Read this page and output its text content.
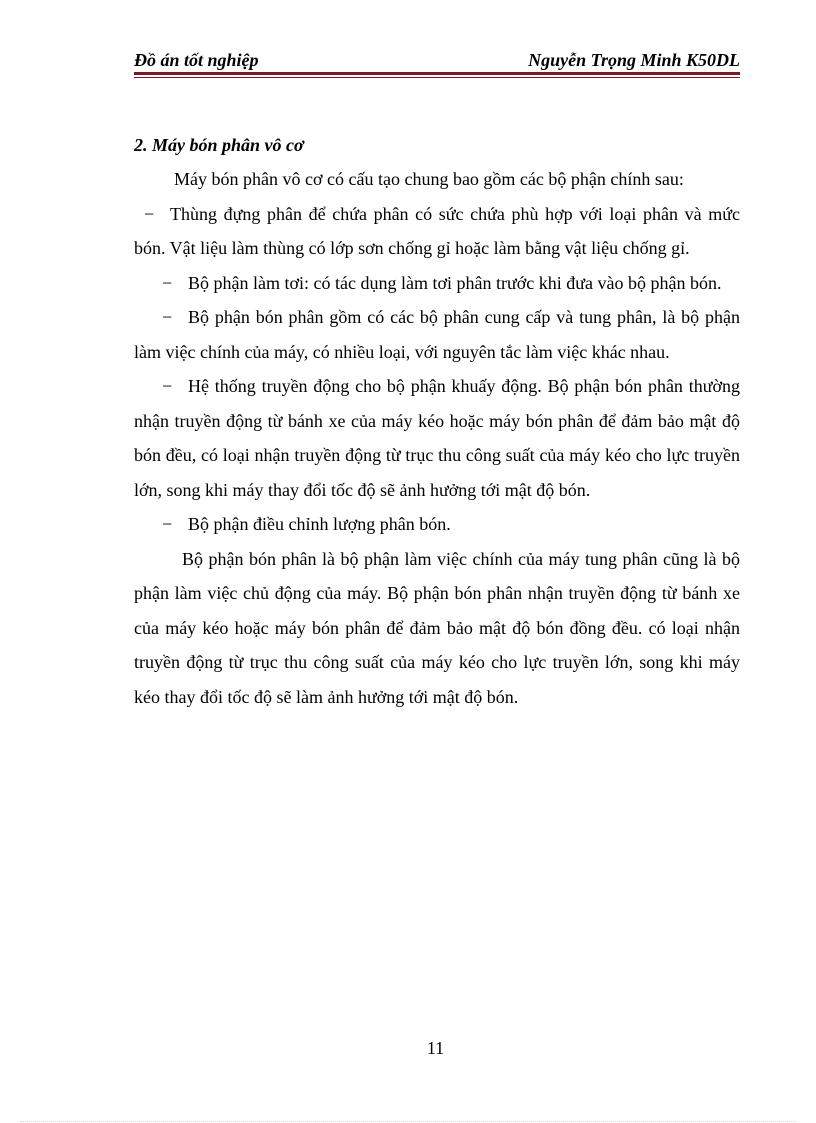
Đồ án tốt nghiệp	Nguyễn Trọng Minh K50DL

2. Máy bón phân vô cơ

Máy bón phân vô cơ có cấu tạo chung bao gồm các bộ phận chính sau:

− Thùng đựng phân để chứa phân có sức chứa phù hợp với loại phân và mức bón. Vật liệu làm thùng có lớp sơn chống gỉ hoặc làm bằng vật liệu chống gỉ.

− Bộ phận làm tơi: có tác dụng làm tơi phân trước khi đưa vào bộ phận bón.

− Bộ phận bón phân gồm có các bộ phân cung cấp và tung phân, là bộ phận làm việc chính của máy, có nhiều loại, với nguyên tắc làm việc khác nhau.

− Hệ thống truyền động cho bộ phận khuấy động. Bộ phận bón phân thường nhận truyền động từ bánh xe của máy kéo hoặc máy bón phân để đảm bảo mật độ bón đều, có loại nhận truyền động từ trục thu công suất của máy kéo cho lực truyền lớn, song khi máy thay đổi tốc độ sẽ ảnh hưởng tới mật độ bón.

− Bộ phận điều chỉnh lượng phân bón.

Bộ phận bón phân là bộ phận làm việc chính của máy tung phân cũng là bộ phận làm việc chủ động của máy. Bộ phận bón phân nhận truyền động từ bánh xe của máy kéo hoặc máy bón phân để đảm bảo mật độ bón đồng đều. có loại nhận truyền động từ trục thu công suất của máy kéo cho lực truyền lớn, song khi máy kéo thay đổi tốc độ sẽ làm ảnh hưởng tới mật độ bón.

11
